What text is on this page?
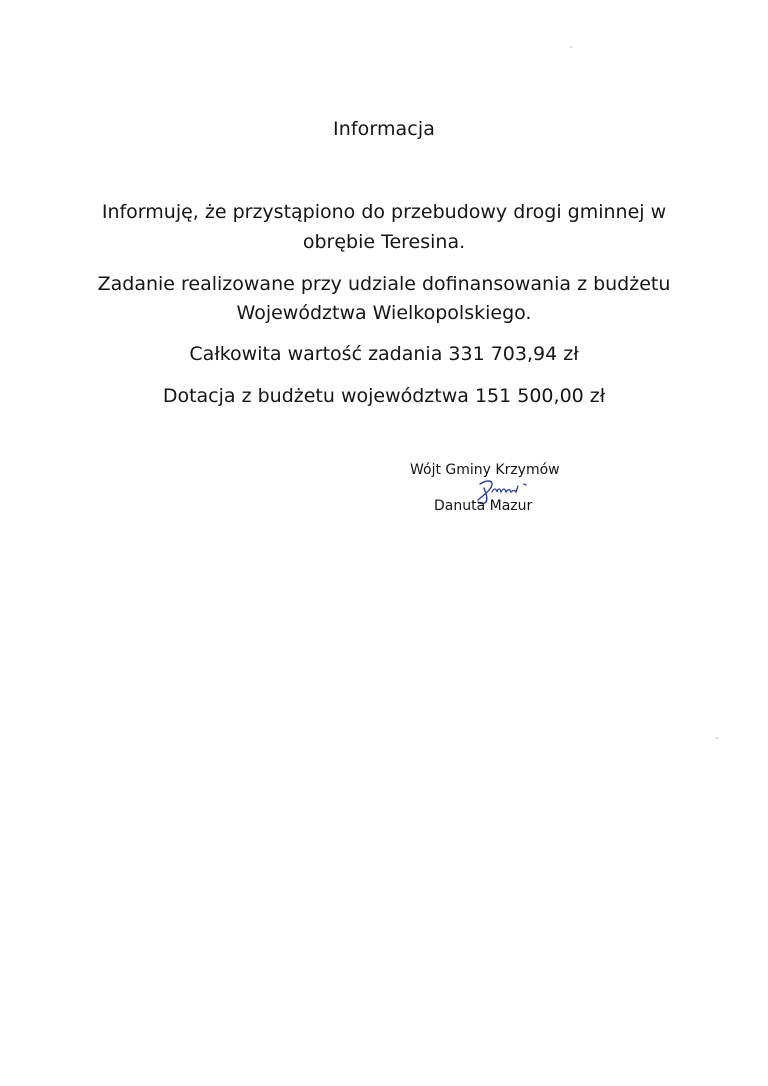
Informacja
Informuję, że przystąpiono do przebudowy drogi gminnej w
obrębie Teresina.
Zadanie realizowane przy udziale dofinansowania z budżetu
Województwa Wielkopolskiego.
Całkowita wartość zadania 331 703,94 zł
Dotacja z budżetu województwa 151 500,00 zł
Wójt Gminy Krzymów
Danuta Mazur
